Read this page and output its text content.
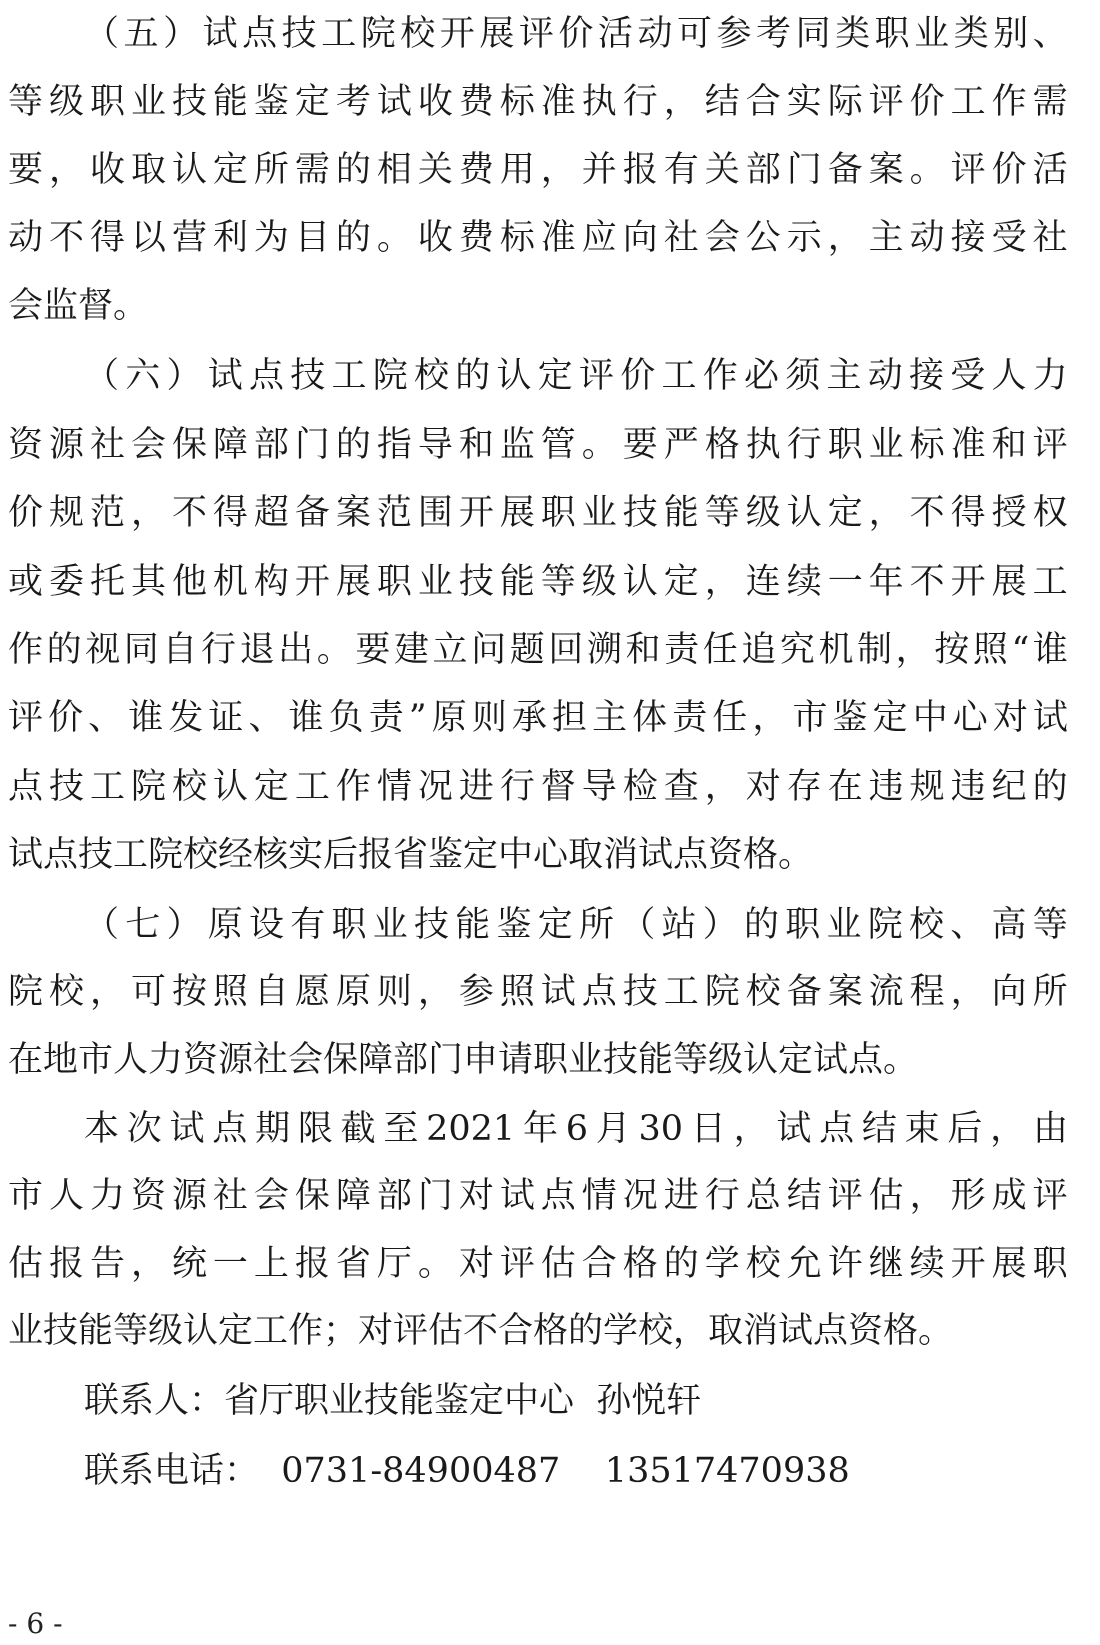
（ 五 ） 试 点 技 工 院 校 开 展 评 价 活 动 可 参 考 同 类 职 业 类 别 、
等 级 职 业 技 能 鉴 定 考 试 收 费 标 准 执 行 ， 结 合 实 际 评 价 工 作 需
要 ， 收 取 认 定 所 需 的 相 关 费 用 ， 并 报 有 关 部 门 备 案 。 评 价 活
动 不 得 以 营 利 为 目 的 。 收 费 标 准 应 向 社 会 公 示 ， 主 动 接 受 社
会监督。
（ 六 ） 试 点 技 工 院 校 的 认 定 评 价 工 作 必 须 主 动 接 受 人 力
资 源 社 会 保 障 部 门 的 指 导 和 监 管 。 要 严 格 执 行 职 业 标 准 和 评
价 规 范 ， 不 得 超 备 案 范 围 开 展 职 业 技 能 等 级 认 定 ， 不 得 授 权
或 委 托 其 他 机 构 开 展 职 业 技 能 等 级 认 定 ， 连 续 一 年 不 开 展 工
作 的 视 同 自 行 退 出 。 要 建 立 问 题 回 溯 和 责 任 追 究 机 制 ， 按 照 “ 谁
评 价 、 谁 发 证 、 谁 负 责 ” 原 则 承 担 主 体 责 任 ， 市 鉴 定 中 心 对 试
点 技 工 院 校 认 定 工 作 情 况 进 行 督 导 检 查 ， 对 存 在 违 规 违 纪 的
试点技工院校经核实后报省鉴定中心取消试点资格。
（ 七 ） 原 设 有 职 业 技 能 鉴 定 所 （ 站 ） 的 职 业 院 校 、 高 等
院 校 ， 可 按 照 自 愿 原 则 ， 参 照 试 点 技 工 院 校 备 案 流 程 ， 向 所
在地市人力资源社会保障部门申请职业技能等级认定试点。
本 次 试 点 期 限 截 至 2021 年 6 月 30 日 ， 试 点 结 束 后 ， 由
市 人 力 资 源 社 会 保 障 部 门 对 试 点 情 况 进 行 总 结 评 估 ， 形 成 评
估 报 告 ， 统 一 上 报 省 厅 。 对 评 估 合 格 的 学 校 允 许 继 续 开 展 职
业技能等级认定工作；对评估不合格的学校，取消试点资格。
联系人：省厅职业技能鉴定中心  孙悦轩
联系电话：  0731-84900487    13517470938
- 6 -
